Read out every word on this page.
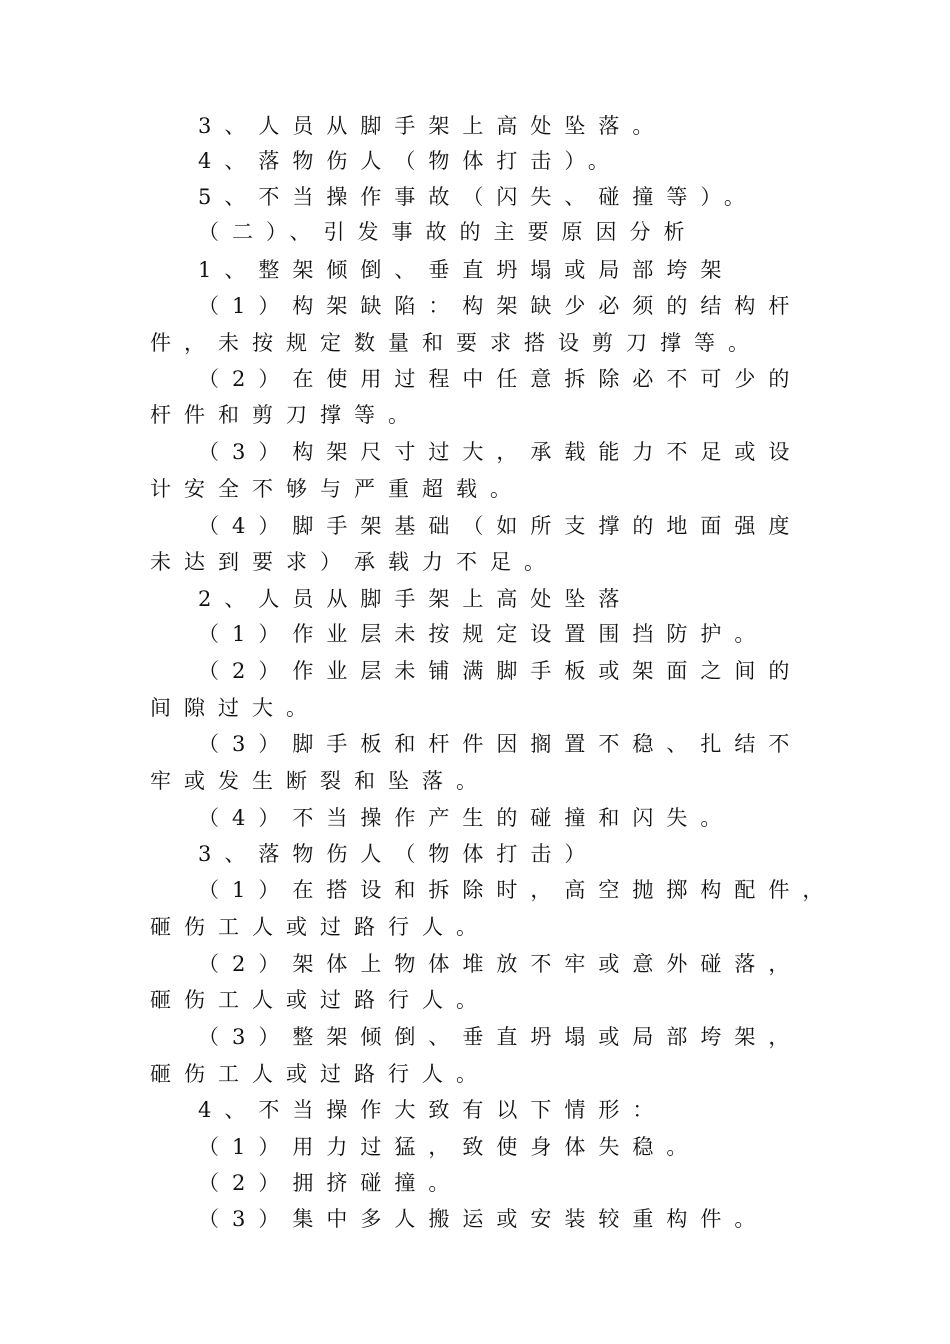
3、人员从脚手架上高处坠落。
4、落物伤人（物体打击）。
5、不当操作事故（闪失、碰撞等）。
（二）、引发事故的主要原因分析
1、整架倾倒、垂直坍塌或局部垮架
（1）构架缺陷：构架缺少必须的结构杆
件，未按规定数量和要求搭设剪刀撑等。
（2）在使用过程中任意拆除必不可少的
杆件和剪刀撑等。
（3）构架尺寸过大，承载能力不足或设
计安全不够与严重超载。
（4）脚手架基础（如所支撑的地面强度
未达到要求）承载力不足。
2、人员从脚手架上高处坠落
（1）作业层未按规定设置围挡防护。
（2）作业层未铺满脚手板或架面之间的
间隙过大。
（3）脚手板和杆件因搁置不稳、扎结不
牢或发生断裂和坠落。
（4）不当操作产生的碰撞和闪失。
3、落物伤人（物体打击）
（1）在搭设和拆除时，高空抛掷构配件，
砸伤工人或过路行人。
（2）架体上物体堆放不牢或意外碰落，
砸伤工人或过路行人。
（3）整架倾倒、垂直坍塌或局部垮架，
砸伤工人或过路行人。
4、不当操作大致有以下情形：
（1）用力过猛，致使身体失稳。
（2）拥挤碰撞。
（3）集中多人搬运或安装较重构件。
